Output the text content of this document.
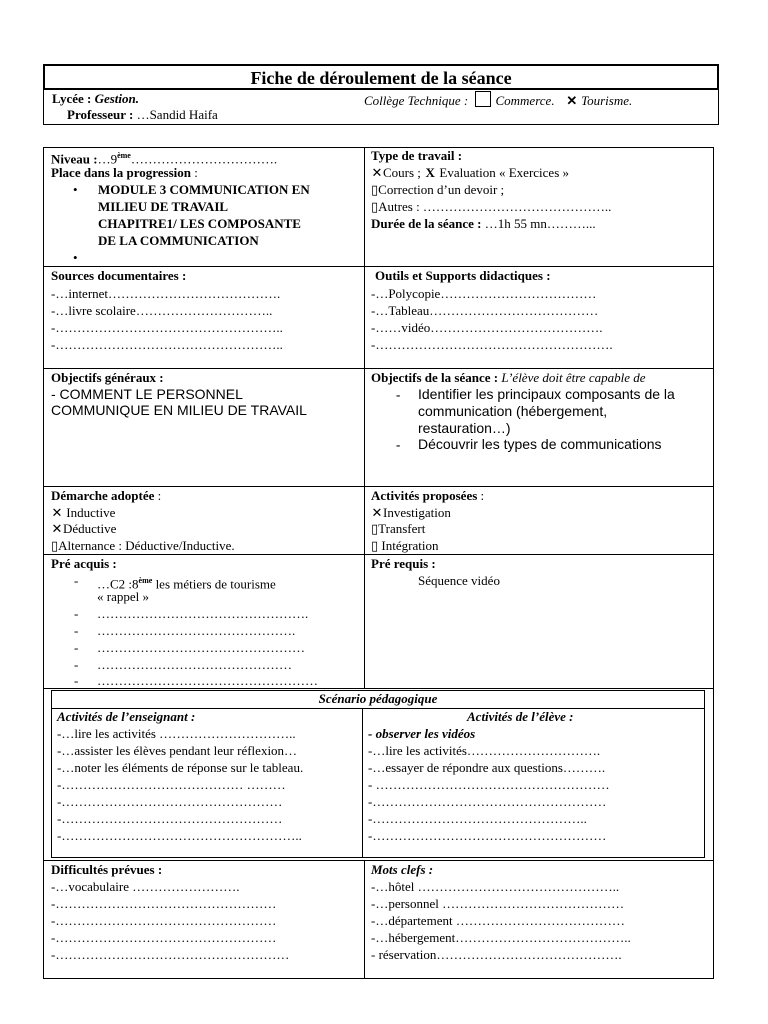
Fiche de déroulement de la séance
Lycée : Gestion.	Collège Technique : Commerce. ✕ Tourisme.
Professeur : …Sandid Haifa
Niveau :…9ème…………………………….
Place dans la progression :
• MODULE 3 COMMUNICATION EN
MILIEU DE TRAVAIL
CHAPITRE1/ LES COMPOSANTE
DE LA COMMUNICATION
•
Type de travail :
✕Cours ; X Evaluation « Exercices »
▯Correction d’un devoir ;
▯Autres : ……………………………………..
Durée de la séance : …1h 55 mn………...
Sources documentaires :
-…internet………………………………….
-…livre scolaire…………………………..
-……………………………………………..
-……………………………………………..
Outils et Supports didactiques :
-…Polycopie………………………………
-…Tableau…………………………………
-……vidéo………………………………….
-……………………………………………….
Objectifs généraux :
- COMMENT LE PERSONNEL
COMMUNIQUE EN MILIEU DE TRAVAIL
Objectifs de la séance : L’élève doit être capable de
- Identifier les principaux composants de la
communication (hébergement,
restauration…)
- Découvrir les types de communications
Démarche adoptée :
✕ Inductive
✕Déductive
▯Alternance : Déductive/Inductive.
Activités proposées :
✕Investigation
▯Transfert
▯ Intégration
Pré acquis :
- …C2 :8ème les métiers de tourisme
« rappel »
- ………………………………………….
- ……………………………………….
- …………………………………………
- ………………………………………
- ……………………………………………
Pré requis :
Séquence vidéo
Scénario pédagogique
Activités de l’enseignant :	Activités de l’élève :
-…lire les activités …………………………..
-…assister les élèves pendant leur réflexion…
-…noter les éléments de réponse sur le tableau.
-…………………………………… ………
-……………………………………………
-……………………………………………
-………………………………………………..
- observer les vidéos
-…lire les activités………………………….
-…essayer de répondre aux questions……….
- ………………………………………………
-………………………………………………
-…………………………………………..
-………………………………………………
Difficultés prévues :
-…vocabulaire …………………….
-……………………………………………
-……………………………………………
-……………………………………………
-………………………………………………
Mots clefs :
-…hôtel ………………………………………..
-…personnel ……………………………………
-…département …………………………………
-…hébergement…………………………………..
- réservation…………………………………….
